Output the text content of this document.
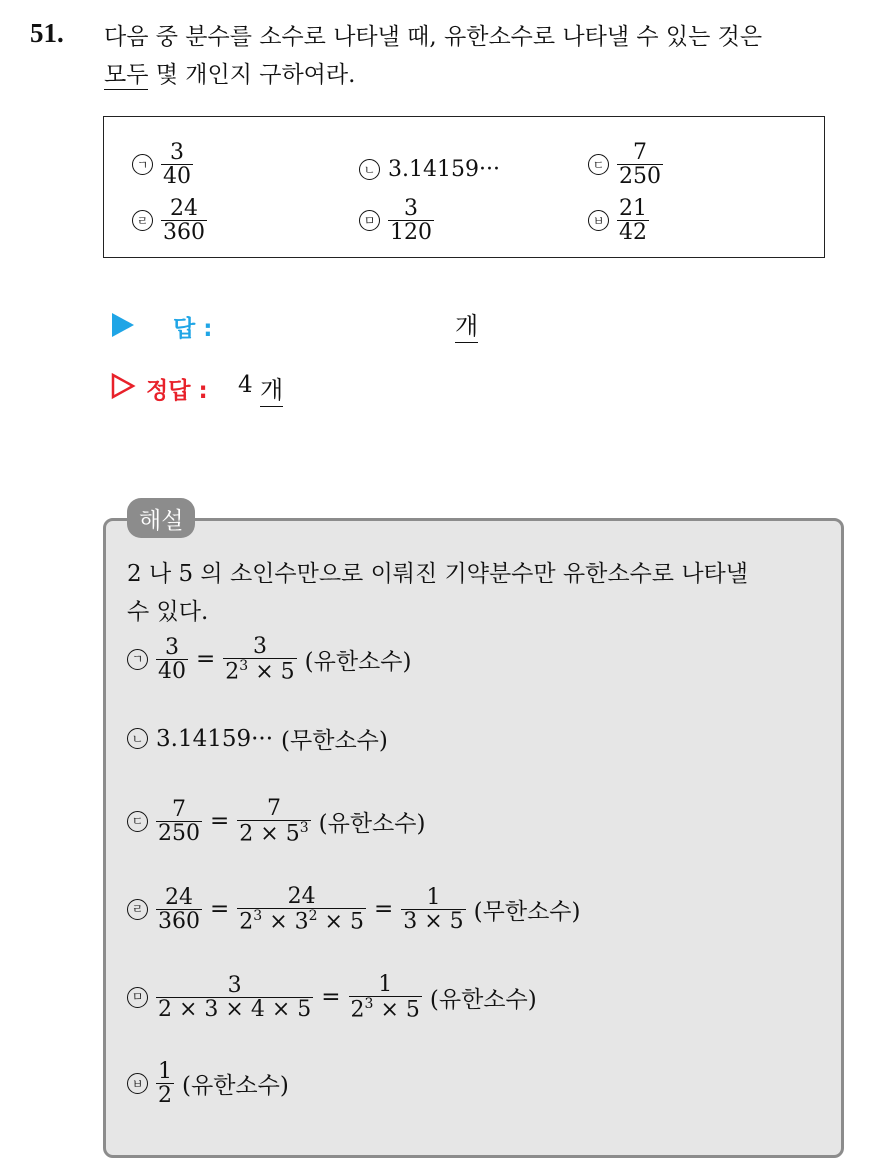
51. 다음 중 분수를 소수로 나타낼 때, 유한소수로 나타낼 수 있는 것은
모두 몇 개인지 구하여라.
ㄱ $\frac{3}{40}$	ㄴ 3.14159···	ㄷ $\frac{7}{250}$
ㄹ $\frac{24}{360}$	ㅁ $\frac{3}{120}$	ㅂ $\frac{21}{42}$
답 :	개
정답 : 4 개
해설
2 나 5 의 소인수만으로 이뤄진 기약분수만 유한소수로 나타낼
수 있다.
ㄱ $\frac{3}{40} = \frac{3}{2^3 \times 5}$ (유한소수)
ㄴ 3.14159··· (무한소수)
ㄷ $\frac{7}{250} = \frac{7}{2 \times 5^3}$ (유한소수)
ㄹ $\frac{24}{360} = \frac{24}{2^3 \times 3^2 \times 5} = \frac{1}{3 \times 5}$ (무한소수)
ㅁ $\frac{3}{2 \times 3 \times 4 \times 5} = \frac{1}{2^3 \times 5}$ (유한소수)
ㅂ $\frac{1}{2}$ (유한소수)
